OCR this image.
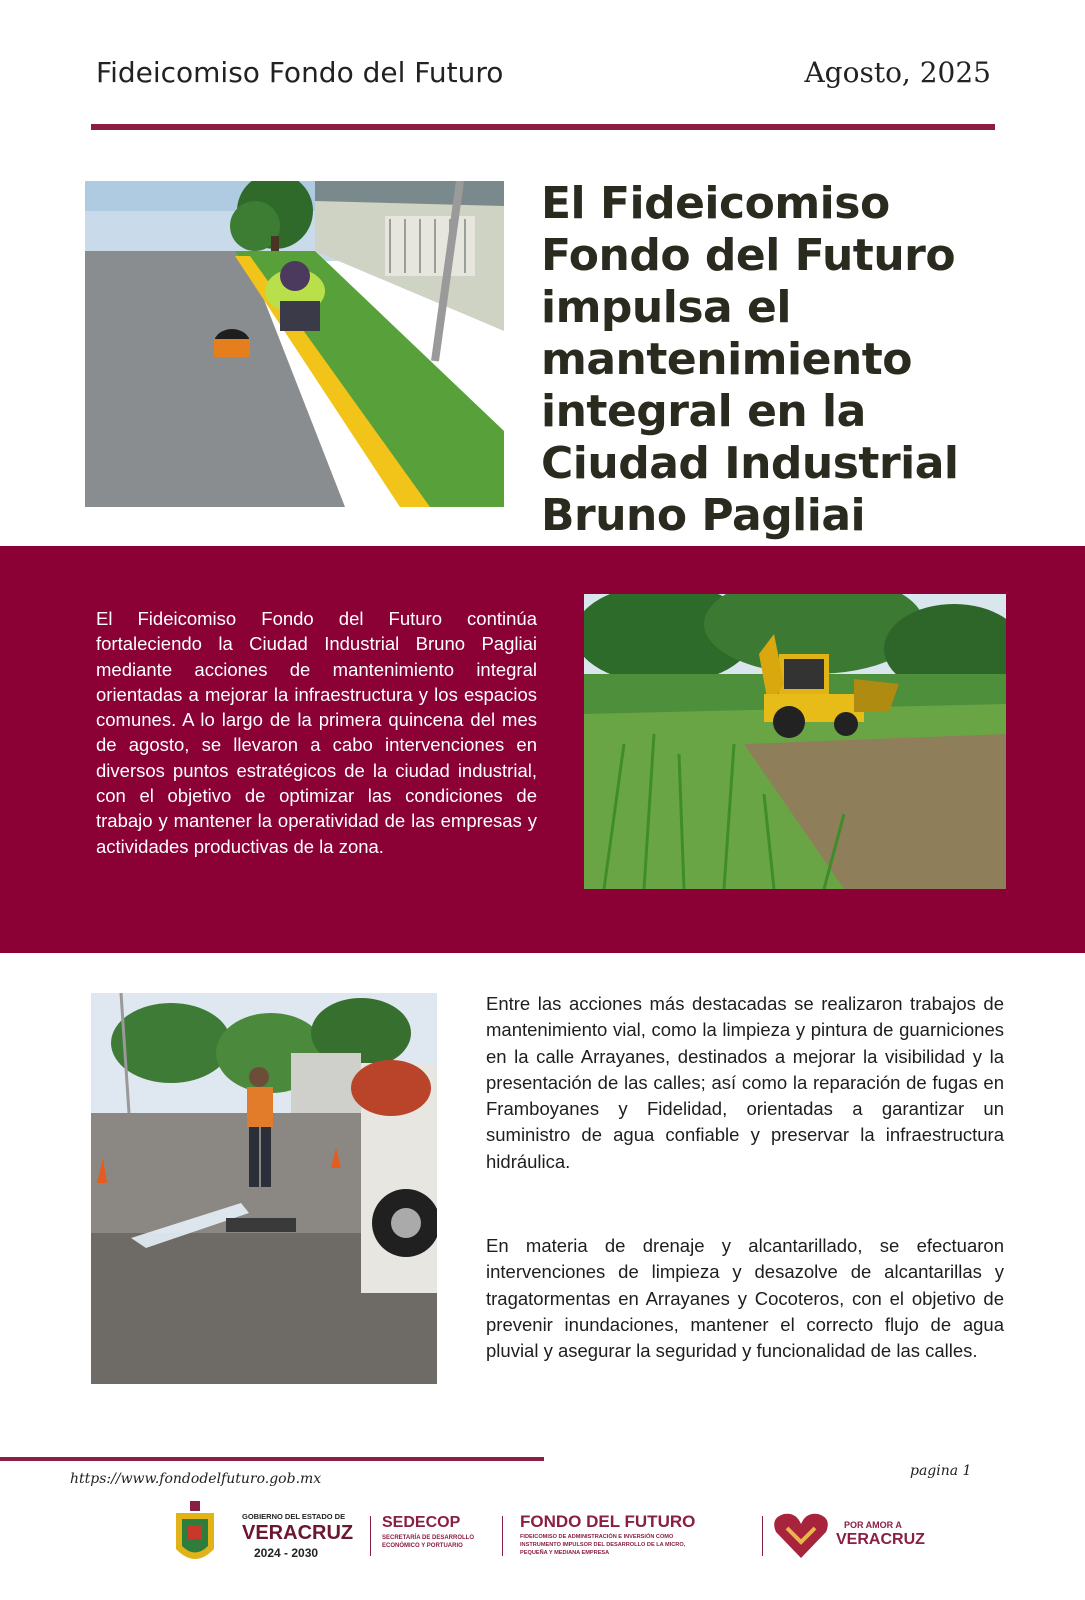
Fideicomiso Fondo del Futuro	Agosto, 2025
El Fideicomiso Fondo del Futuro impulsa el mantenimiento integral en la Ciudad Industrial Bruno Pagliai
El Fideicomiso Fondo del Futuro continúa fortaleciendo la Ciudad Industrial Bruno Pagliai mediante acciones de mantenimiento integral orientadas a mejorar la infraestructura y los espacios comunes. A lo largo de la primera quincena del mes de agosto, se llevaron a cabo intervenciones en diversos puntos estratégicos de la ciudad industrial, con el objetivo de optimizar las condiciones de trabajo y mantener la operatividad de las empresas y actividades productivas de la zona.
Entre las acciones más destacadas se realizaron trabajos de mantenimiento vial, como la limpieza y pintura de guarniciones en la calle Arrayanes, destinados a mejorar la visibilidad y la presentación de las calles; así como la reparación de fugas en Framboyanes y Fidelidad, orientadas a garantizar un suministro de agua confiable y preservar la infraestructura hidráulica.
En materia de drenaje y alcantarillado, se efectuaron intervenciones de limpieza y desazolve de alcantarillas y tragatormentas en Arrayanes y Cocoteros, con el objetivo de prevenir inundaciones, mantener el correcto flujo de agua pluvial y asegurar la seguridad y funcionalidad de las calles.
https://www.fondodelfuturo.gob.mx	pagina 1
GOBIERNO DEL ESTADO DE
VERACRUZ
2024 - 2030
SEDECOP
SECRETARÍA DE DESARROLLO
ECONÓMICO Y PORTUARIO
FONDO DEL FUTURO
FIDEICOMISO DE ADMINISTRACIÓN E INVERSIÓN COMO
INSTRUMENTO IMPULSOR DEL DESARROLLO DE LA MICRO,
PEQUEÑA Y MEDIANA EMPRESA
POR AMOR A
VERACRUZ
